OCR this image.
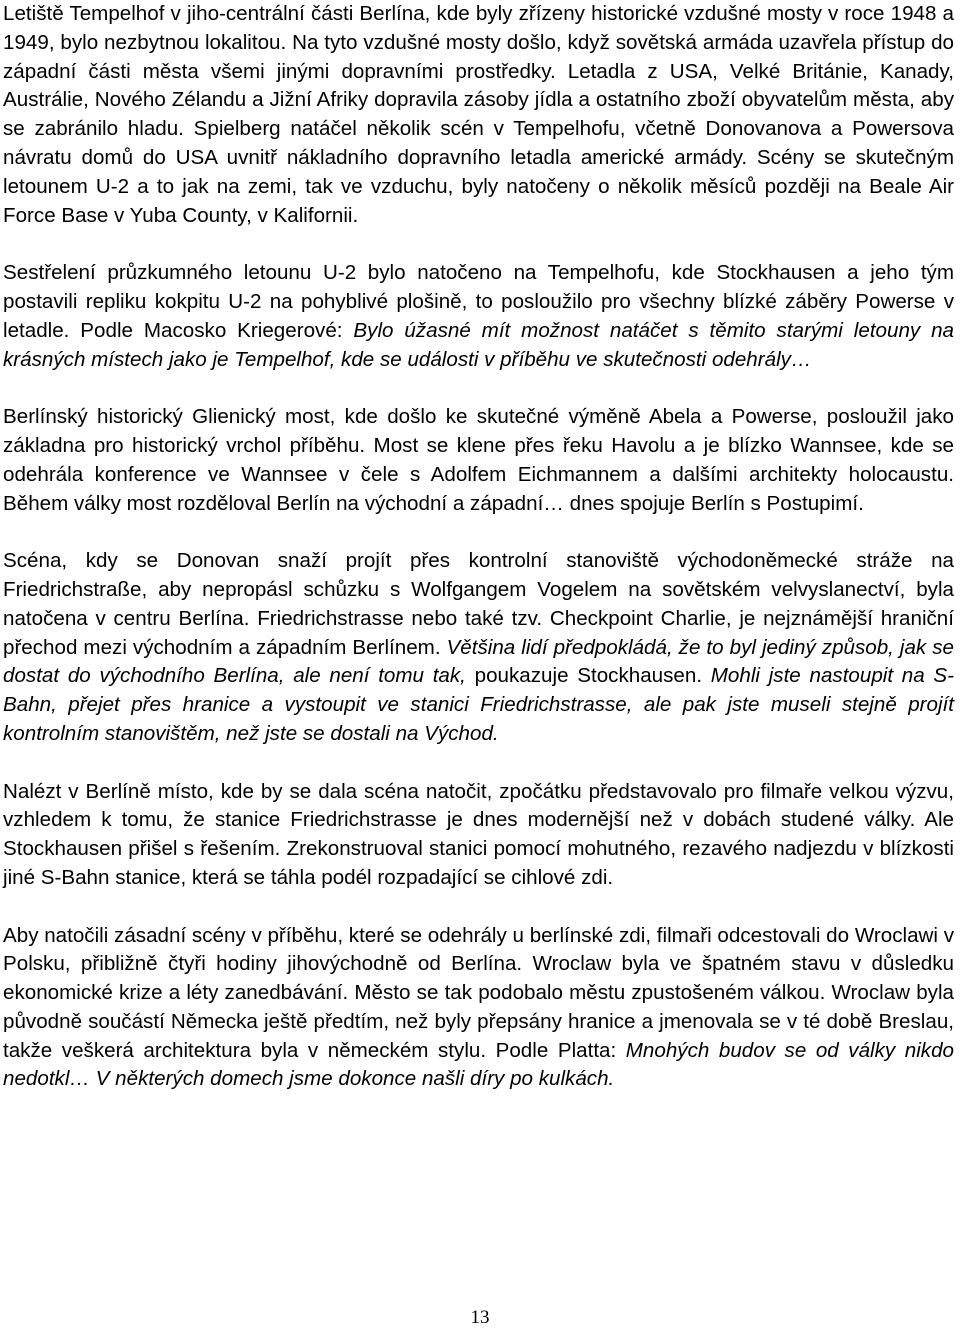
Letiště Tempelhof v jiho-centrální části Berlína, kde byly zřízeny historické vzdušné mosty v roce 1948 a 1949, bylo nezbytnou lokalitou. Na tyto vzdušné mosty došlo, když sovětská armáda uzavřela přístup do západní části města všemi jinými dopravními prostředky. Letadla z USA, Velké Británie, Kanady, Austrálie, Nového Zélandu a Jižní Afriky dopravila zásoby jídla a ostatního zboží obyvatelům města, aby se zabránilo hladu. Spielberg natáčel několik scén v Tempelhofu, včetně Donovanova a Powersova návratu domů do USA uvnitř nákladního dopravního letadla americké armády. Scény se skutečným letounem U-2 a to jak na zemi, tak ve vzduchu, byly natočeny o několik měsíců později na Beale Air Force Base v Yuba County, v Kalifornii.

Sestřelení průzkumného letounu U-2 bylo natočeno na Tempelhofu, kde Stockhausen a jeho tým postavili repliku kokpitu U-2 na pohyblivé plošině, to posloužilo pro všechny blízké záběry Powerse v letadle. Podle Macosko Kriegerové: Bylo úžasné mít možnost natáčet s těmito starými letouny na krásných místech jako je Tempelhof, kde se události v příběhu ve skutečnosti odehrály…

Berlínský historický Glienický most, kde došlo ke skutečné výměně Abela a Powerse, posloužil jako základna pro historický vrchol příběhu. Most se klene přes řeku Havolu a je blízko Wannsee, kde se odehrála konference ve Wannsee v čele s Adolfem Eichmannem a dalšími architekty holocaustu. Během války most rozděloval Berlín na východní a západní… dnes spojuje Berlín s Postupimí.

Scéna, kdy se Donovan snaží projít přes kontrolní stanoviště východoněmecké stráže na Friedrichstraße, aby nepropásl schůzku s Wolfgangem Vogelem na sovětském velvyslanectví, byla natočena v centru Berlína. Friedrichstrasse nebo také tzv. Checkpoint Charlie, je nejznámější hraniční přechod mezi východním a západním Berlínem. Většina lidí předpokládá, že to byl jediný způsob, jak se dostat do východního Berlína, ale není tomu tak, poukazuje Stockhausen. Mohli jste nastoupit na S-Bahn, přejet přes hranice a vystoupit ve stanici Friedrichstrasse, ale pak jste museli stejně projít kontrolním stanovištěm, než jste se dostali na Východ.

Nalézt v Berlíně místo, kde by se dala scéna natočit, zpočátku představovalo pro filmaře velkou výzvu, vzhledem k tomu, že stanice Friedrichstrasse je dnes modernější než v dobách studené války. Ale Stockhausen přišel s řešením. Zrekonstruoval stanici pomocí mohutného, rezavého nadjezdu v blízkosti jiné S-Bahn stanice, která se táhla podél rozpadající se cihlové zdi.

Aby natočili zásadní scény v příběhu, které se odehrály u berlínské zdi, filmaři odcestovali do Wroclawi v Polsku, přibližně čtyři hodiny jihovýchodně od Berlína. Wroclaw byla ve špatném stavu v důsledku ekonomické krize a léty zanedbávání. Město se tak podobalo městu zpustošeném válkou. Wroclaw byla původně součástí Německa ještě předtím, než byly přepsány hranice a jmenovala se v té době Breslau, takže veškerá architektura byla v německém stylu. Podle Platta: Mnohých budov se od války nikdo nedotkl… V některých domech jsme dokonce našli díry po kulkách.

13
